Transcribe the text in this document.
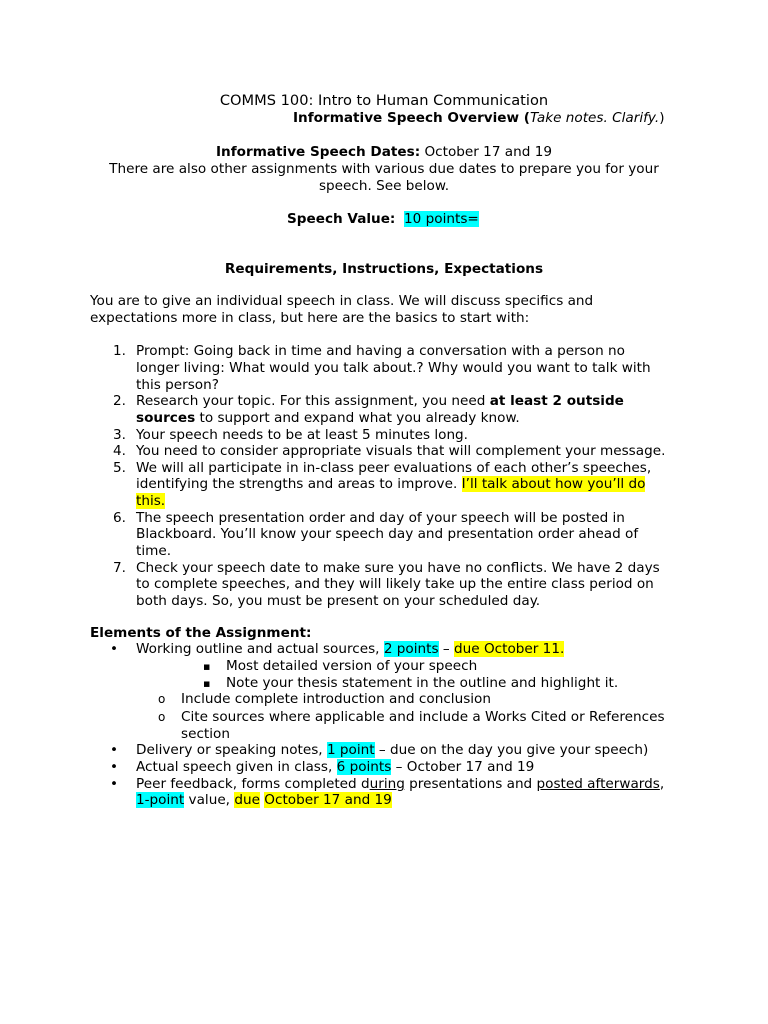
COMMS 100: Intro to Human Communication
Informative Speech Overview (Take notes. Clarify.)
Informative Speech Dates: October 17 and 19
There are also other assignments with various due dates to prepare you for your
speech. See below.
Speech Value: 10 points=
Requirements, Instructions, Expectations
You are to give an individual speech in class. We will discuss specifics and
expectations more in class, but here are the basics to start with:
1. Prompt: Going back in time and having a conversation with a person no
longer living: What would you talk about.? Why would you want to talk with
this person?
2. Research your topic. For this assignment, you need at least 2 outside
sources to support and expand what you already know.
3. Your speech needs to be at least 5 minutes long.
4. You need to consider appropriate visuals that will complement your message.
5. We will all participate in in-class peer evaluations of each other’s speeches,
identifying the strengths and areas to improve. I’ll talk about how you’ll do
this.
6. The speech presentation order and day of your speech will be posted in
Blackboard. You’ll know your speech day and presentation order ahead of
time.
7. Check your speech date to make sure you have no conflicts. We have 2 days
to complete speeches, and they will likely take up the entire class period on
both days. So, you must be present on your scheduled day.
Elements of the Assignment:
• Working outline and actual sources, 2 points – due October 11.
▪ Most detailed version of your speech
▪ Note your thesis statement in the outline and highlight it.
o Include complete introduction and conclusion
o Cite sources where applicable and include a Works Cited or References
section
• Delivery or speaking notes, 1 point – due on the day you give your speech)
• Actual speech given in class, 6 points – October 17 and 19
• Peer feedback, forms completed during presentations and posted afterwards,
1-point value, due October 17 and 19
